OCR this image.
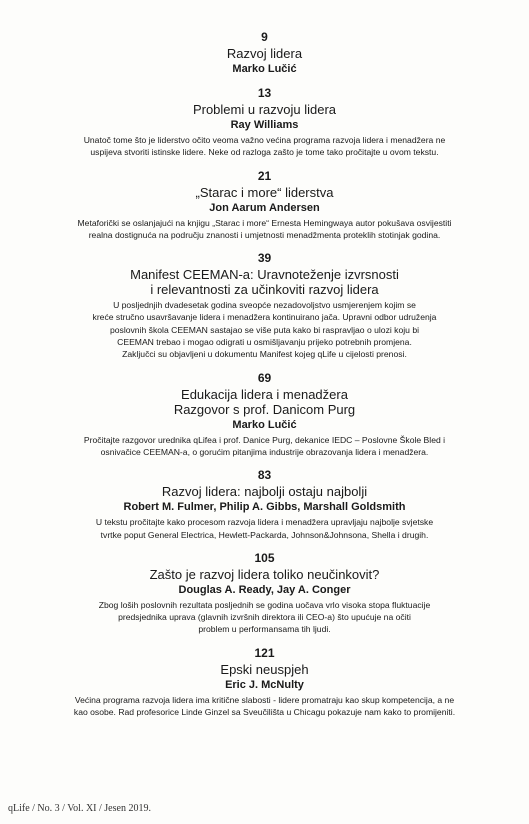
9
Razvoj lidera
Marko Lučić
13
Problemi u razvoju lidera
Ray Williams
Unatoč tome što je liderstvo očito veoma važno većina programa razvoja lidera i menadžera ne
uspijeva stvoriti istinske lidere. Neke od razloga zašto je tome tako pročitajte u ovom tekstu.
21
„Starac i more“ liderstva
Jon Aarum Andersen
Metaforički se oslanjajući na knjigu „Starac i more“ Ernesta Hemingwaya autor pokušava osvijestiti
realna dostignuća na području znanosti i umjetnosti menadžmenta proteklih stotinjak godina.
39
Manifest CEEMAN-a: Uravnoteženje izvrsnosti
i relevantnosti za učinkoviti razvoj lidera
U posljednjih dvadesetak godina sveopće nezadovoljstvo usmjerenjem kojim se
kreće stručno usavršavanje lidera i menadžera kontinuirano jača. Upravni odbor udruženja
poslovnih škola CEEMAN sastajao se više puta kako bi raspravljao o ulozi koju bi
CEEMAN trebao i mogao odigrati u osmišljavanju prijeko potrebnih promjena.
Zaključci su objavljeni u dokumentu Manifest kojeg qLife u cijelosti prenosi.
69
Edukacija lidera i menadžera
Razgovor s prof. Danicom Purg
Marko Lučić
Pročitajte razgovor urednika qLifea i prof. Danice Purg, dekanice IEDC – Poslovne Škole Bled i
osnivačice CEEMAN-a, o gorućim pitanjima industrije obrazovanja lidera i menadžera.
83
Razvoj lidera: najbolji ostaju najbolji
Robert M. Fulmer, Philip A. Gibbs, Marshall Goldsmith
U tekstu pročitajte kako procesom razvoja lidera i menadžera upravljaju najbolje svjetske
tvrtke poput General Electrica, Hewlett-Packarda, Johnson&Johnsona, Shella i drugih.
105
Zašto je razvoj lidera toliko neučinkovit?
Douglas A. Ready, Jay A. Conger
Zbog loših poslovnih rezultata posljednih se godina uočava vrlo visoka stopa fluktuacije
predsjednika uprava (glavnih izvršnih direktora ili CEO-a) što upućuje na očiti
problem u performansama tih ljudi.
121
Epski neuspjeh
Eric J. McNulty
Većina programa razvoja lidera ima kritične slabosti - lidere promatraju kao skup kompetencija, a ne
kao osobe. Rad profesorice Linde Ginzel sa Sveučilišta u Chicagu pokazuje nam kako to promijeniti.
qLife / No. 3 / Vol. XI / Jesen 2019.
